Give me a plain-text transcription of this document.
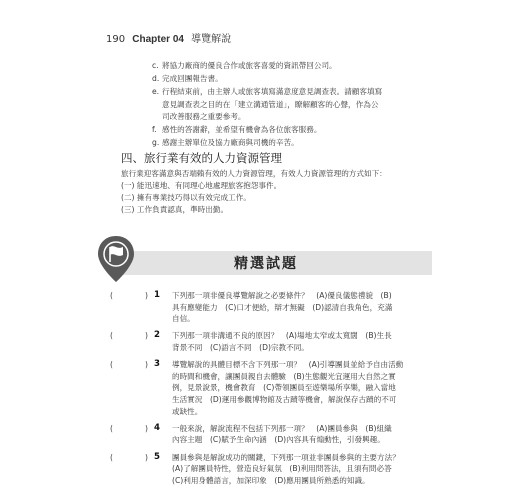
190 Chapter 04 導覽解說
c. 將協力廠商的優良合作或旅客喜愛的資訊帶回公司。
d. 完成回團報告書。
e. 行程結束前，由主辦人或旅客填寫滿意度意見調查表。請顧客填寫
意見調查表之目的在「建立溝通管道」，瞭解顧客的心聲，作為公
司改善服務之重要參考。
f. 感性的答謝辭，並希望有機會為各位旅客服務。
g. 感謝主辦單位及協力廠商與司機的辛苦。
四、旅行業有效的人力資源管理
旅行業迎客滿意與否端賴有效的人力資源管理，有效人力資源管理的方式如下：
(一) 能迅速地、有同理心地處理旅客抱怨事件。
(二) 擁有專業技巧得以有效完成工作。
(三) 工作負責認真，準時出勤。
精選試題
(	) 1	下列那一項非優良導覽解說之必要條件？　(A)優良儀態禮貌　(B)
具有應變能力　(C)口才便給，辯才無礙　(D)認清自我角色，充滿
自信。
(	) 2	下列那一項非溝通不良的原因？　(A)場地太窄或太寬闊　(B)生長
背景不同　(C)語言不同　(D)宗教不同。
(	) 3	導覽解說的具體目標不含下列那一項？　(A)引導團員並給予自由活動
的時間和機會，讓團員親自去體驗　(B)生態觀光宜運用大自然之實
例，見景說景，機會教育　(C)帶領團員至遊樂場所享樂，融入當地
生活實況　(D)運用參觀博物館及古蹟等機會，解說保存古蹟的不可
或缺性。
(	) 4	一般來說，解說流程不包括下列那一項？　(A)團員參與　(B)組織
內容主題　(C)賦予生命內涵　(D)內容具有煽動性，引發興趣。
(	) 5	團員參與是解說成功的關鍵，下列那一項並非團員參與的主要方法？
(A)了解團員特性，營造良好氣氛　(B)利用問答法，且須有問必答
(C)利用身體語言，加深印象　(D)應用團員所熟悉的知識。
